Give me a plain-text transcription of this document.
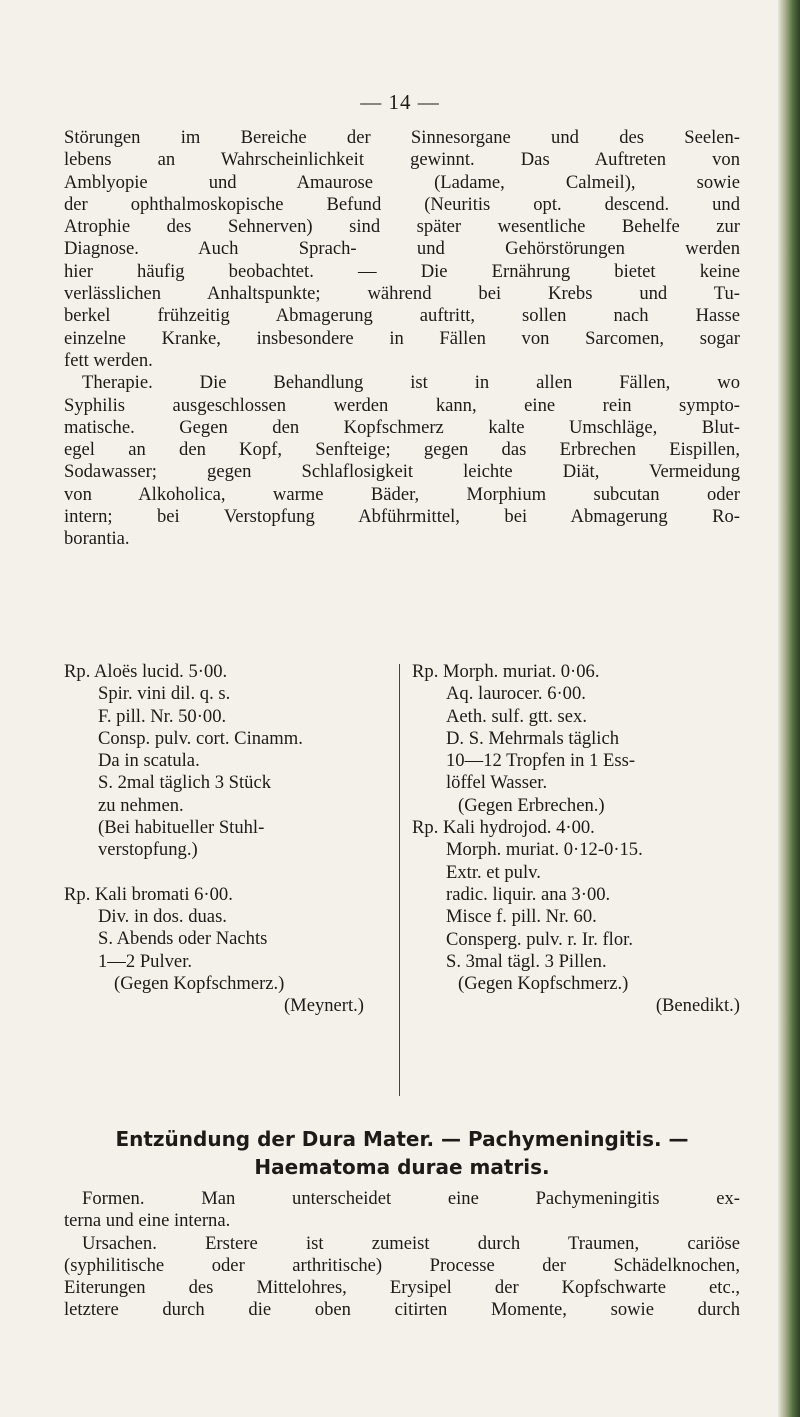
— 14 —
Störungen im Bereiche der Sinnesorgane und des Seelen-
lebens an Wahrscheinlichkeit gewinnt. Das Auftreten von
Amblyopie und Amaurose (Ladame, Calmeil), sowie
der ophthalmoskopische Befund (Neuritis opt. descend. und
Atrophie des Sehnerven) sind später wesentliche Behelfe zur
Diagnose. Auch Sprach- und Gehörstörungen werden
hier häufig beobachtet. — Die Ernährung bietet keine
verlässlichen Anhaltspunkte; während bei Krebs und Tu-
berkel frühzeitig Abmagerung auftritt, sollen nach Hasse
einzelne Kranke, insbesondere in Fällen von Sarcomen, sogar
fett werden.
Therapie. Die Behandlung ist in allen Fällen, wo
Syphilis ausgeschlossen werden kann, eine rein sympto-
matische. Gegen den Kopfschmerz kalte Umschläge, Blut-
egel an den Kopf, Senfteige; gegen das Erbrechen Eispillen,
Sodawasser; gegen Schlaflosigkeit leichte Diät, Vermeidung
von Alkoholica, warme Bäder, Morphium subcutan oder
intern; bei Verstopfung Abführmittel, bei Abmagerung Ro-
borantia.
Rp. Aloës lucid. 5·00.
Spir. vini dil. q. s.
F. pill. Nr. 50·00.
Consp. pulv. cort. Cinamm.
Da in scatula.
S. 2mal täglich 3 Stück
zu nehmen.
(Bei habitueller Stuhl-
verstopfung.)
Rp. Kali bromati 6·00.
Div. in dos. duas.
S. Abends oder Nachts
1—2 Pulver.
(Gegen Kopfschmerz.)
(Meynert.)
Rp. Morph. muriat. 0·06.
Aq. laurocer. 6·00.
Aeth. sulf. gtt. sex.
D. S. Mehrmals täglich
10—12 Tropfen in 1 Ess-
löffel Wasser.
(Gegen Erbrechen.)
Rp. Kali hydrojod. 4·00.
Morph. muriat. 0·12-0·15.
Extr. et pulv.
radic. liquir. ana 3·00.
Misce f. pill. Nr. 60.
Consperg. pulv. r. Ir. flor.
S. 3mal tägl. 3 Pillen.
(Gegen Kopfschmerz.)
(Benedikt.)
Entzündung der Dura Mater. — Pachymeningitis. —
Haematoma durae matris.
Formen. Man unterscheidet eine Pachymeningitis ex-
terna und eine interna.
Ursachen. Erstere ist zumeist durch Traumen, cariöse
(syphilitische oder arthritische) Processe der Schädelknochen,
Eiterungen des Mittelohres, Erysipel der Kopfschwarte etc.,
letztere durch die oben citirten Momente, sowie durch
